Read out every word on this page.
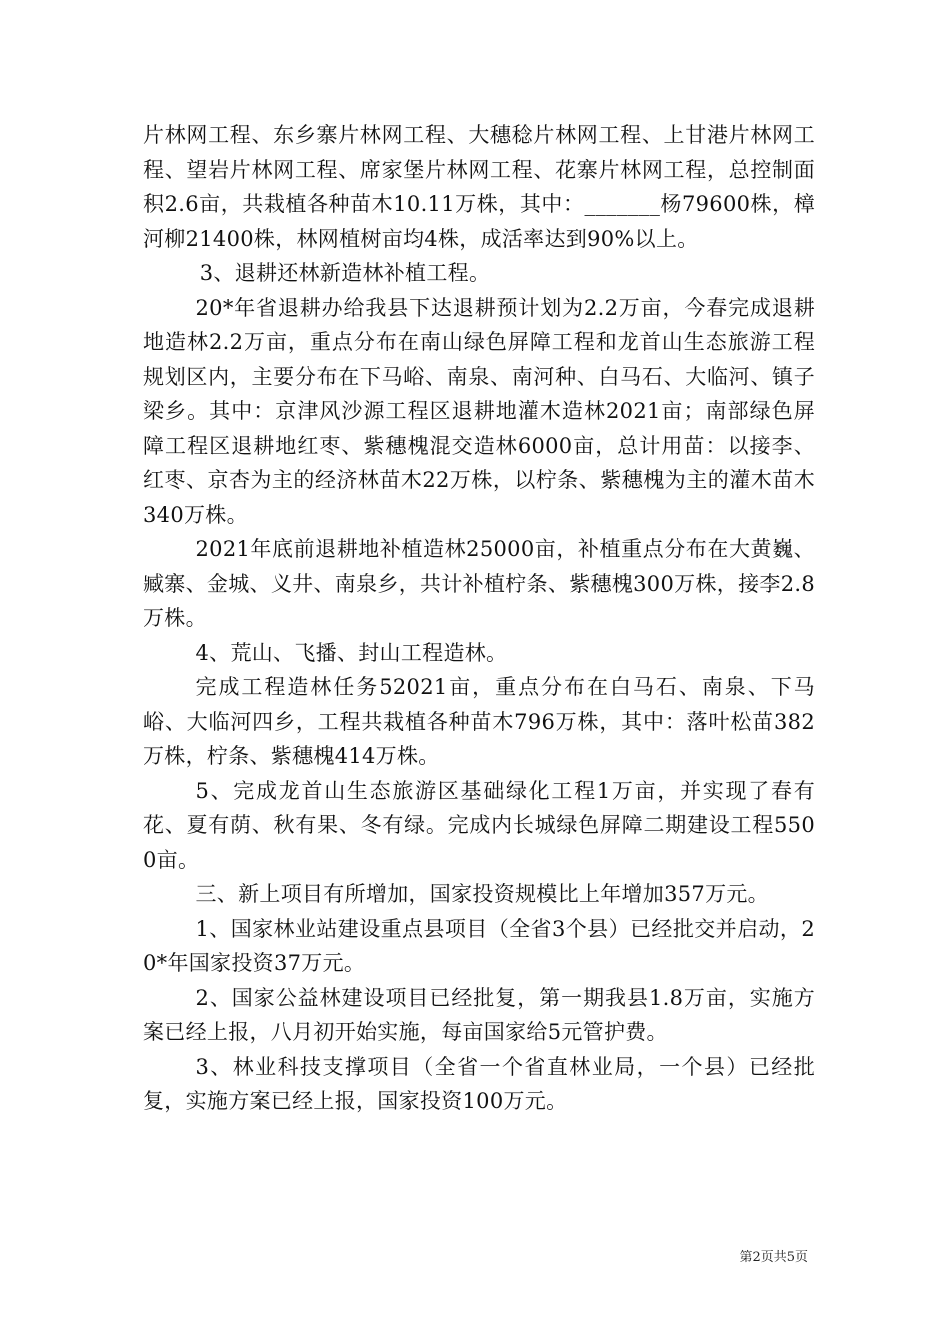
片林网工程、东乡寨片林网工程、大穗稔片林网工程、上甘港片林网工程、望岩片林网工程、席家堡片林网工程、花寨片林网工程，总控制面积2.6亩，共栽植各种苗木10.11万株，其中：_______杨79600株，樟河柳21400株，林网植树亩均4株，成活率达到90%以上。

3、退耕还林新造林补植工程。

20*年省退耕办给我县下达退耕预计划为2.2万亩，今春完成退耕地造林2.2万亩，重点分布在南山绿色屏障工程和龙首山生态旅游工程规划区内，主要分布在下马峪、南泉、南河种、白马石、大临河、镇子梁乡。其中：京津风沙源工程区退耕地灌木造林2021亩；南部绿色屏障工程区退耕地红枣、紫穗槐混交造林6000亩，总计用苗：以接李、红枣、京杏为主的经济林苗木22万株，以柠条、紫穗槐为主的灌木苗木340万株。

2021年底前退耕地补植造林25000亩，补植重点分布在大黄巍、臧寨、金城、义井、南泉乡，共计补植柠条、紫穗槐300万株，接李2.8万株。

4、荒山、飞播、封山工程造林。

完成工程造林任务52021亩，重点分布在白马石、南泉、下马峪、大临河四乡，工程共栽植各种苗木796万株，其中：落叶松苗382万株，柠条、紫穗槐414万株。

5、完成龙首山生态旅游区基础绿化工程1万亩，并实现了春有花、夏有荫、秋有果、冬有绿。完成内长城绿色屏障二期建设工程5500亩。

三、新上项目有所增加，国家投资规模比上年增加357万元。

1、国家林业站建设重点县项目（全省3个县）已经批交并启动，20*年国家投资37万元。

2、国家公益林建设项目已经批复，第一期我县1.8万亩，实施方案已经上报，八月初开始实施，每亩国家给5元管护费。

3、林业科技支撑项目（全省一个省直林业局，一个县）已经批复，实施方案已经上报，国家投资100万元。

第2页共5页
